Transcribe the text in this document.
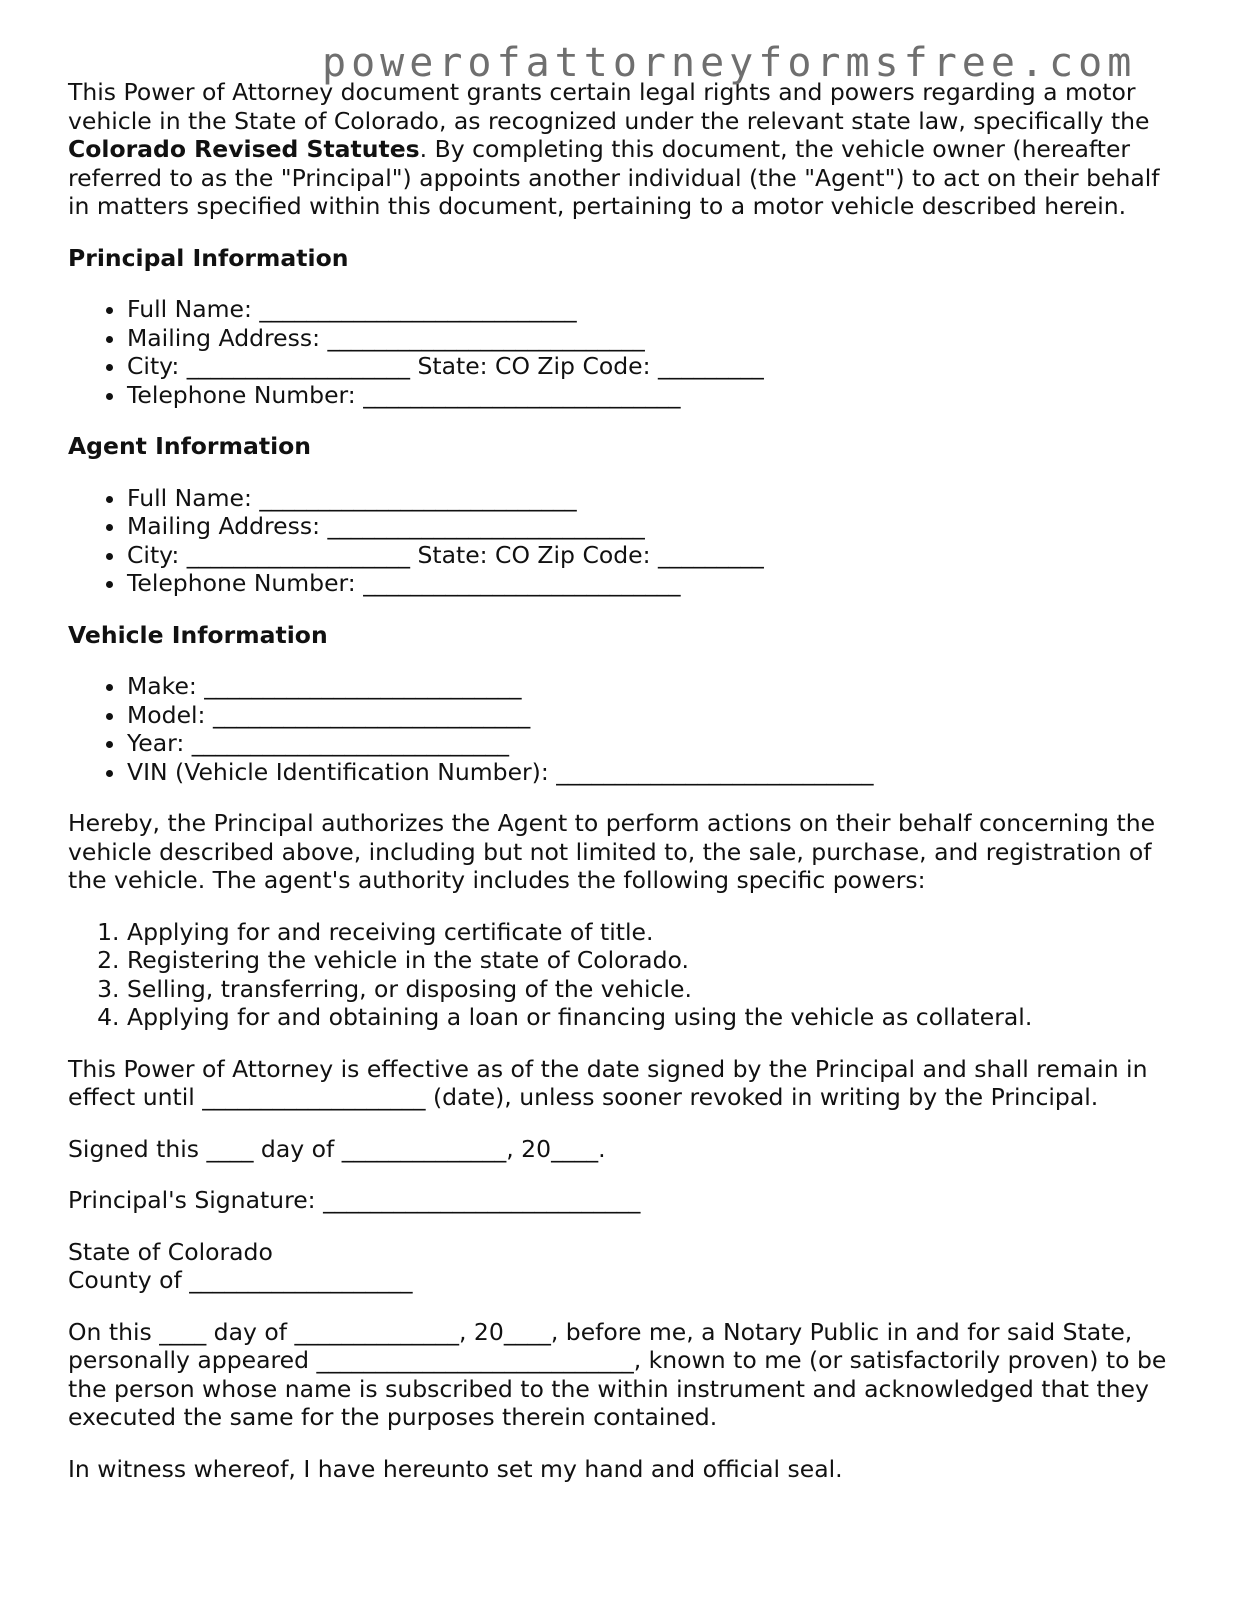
powerofattorneyformsfree.com

This Power of Attorney document grants certain legal rights and powers regarding a motor vehicle in the State of Colorado, as recognized under the relevant state law, specifically the Colorado Revised Statutes. By completing this document, the vehicle owner (hereafter referred to as the "Principal") appoints another individual (the "Agent") to act on their behalf in matters specified within this document, pertaining to a motor vehicle described herein.

Principal Information
• Full Name: ___________________________
• Mailing Address: ___________________________
• City: ___________________ State: CO Zip Code: _________
• Telephone Number: ___________________________
Agent Information
• Full Name: ___________________________
• Mailing Address: ___________________________
• City: ___________________ State: CO Zip Code: _________
• Telephone Number: ___________________________
Vehicle Information
• Make: ___________________________
• Model: ___________________________
• Year: ___________________________
• VIN (Vehicle Identification Number): ___________________________

Hereby, the Principal authorizes the Agent to perform actions on their behalf concerning the vehicle described above, including but not limited to, the sale, purchase, and registration of the vehicle. The agent's authority includes the following specific powers:

1. Applying for and receiving certificate of title.
2. Registering the vehicle in the state of Colorado.
3. Selling, transferring, or disposing of the vehicle.
4. Applying for and obtaining a loan or financing using the vehicle as collateral.

This Power of Attorney is effective as of the date signed by the Principal and shall remain in effect until ___________________ (date), unless sooner revoked in writing by the Principal.

Signed this ____ day of ______________, 20____.

Principal's Signature: ___________________________

State of Colorado
County of ___________________

On this ____ day of ______________, 20____, before me, a Notary Public in and for said State, personally appeared ___________________________, known to me (or satisfactorily proven) to be the person whose name is subscribed to the within instrument and acknowledged that they executed the same for the purposes therein contained.

In witness whereof, I have hereunto set my hand and official seal.
